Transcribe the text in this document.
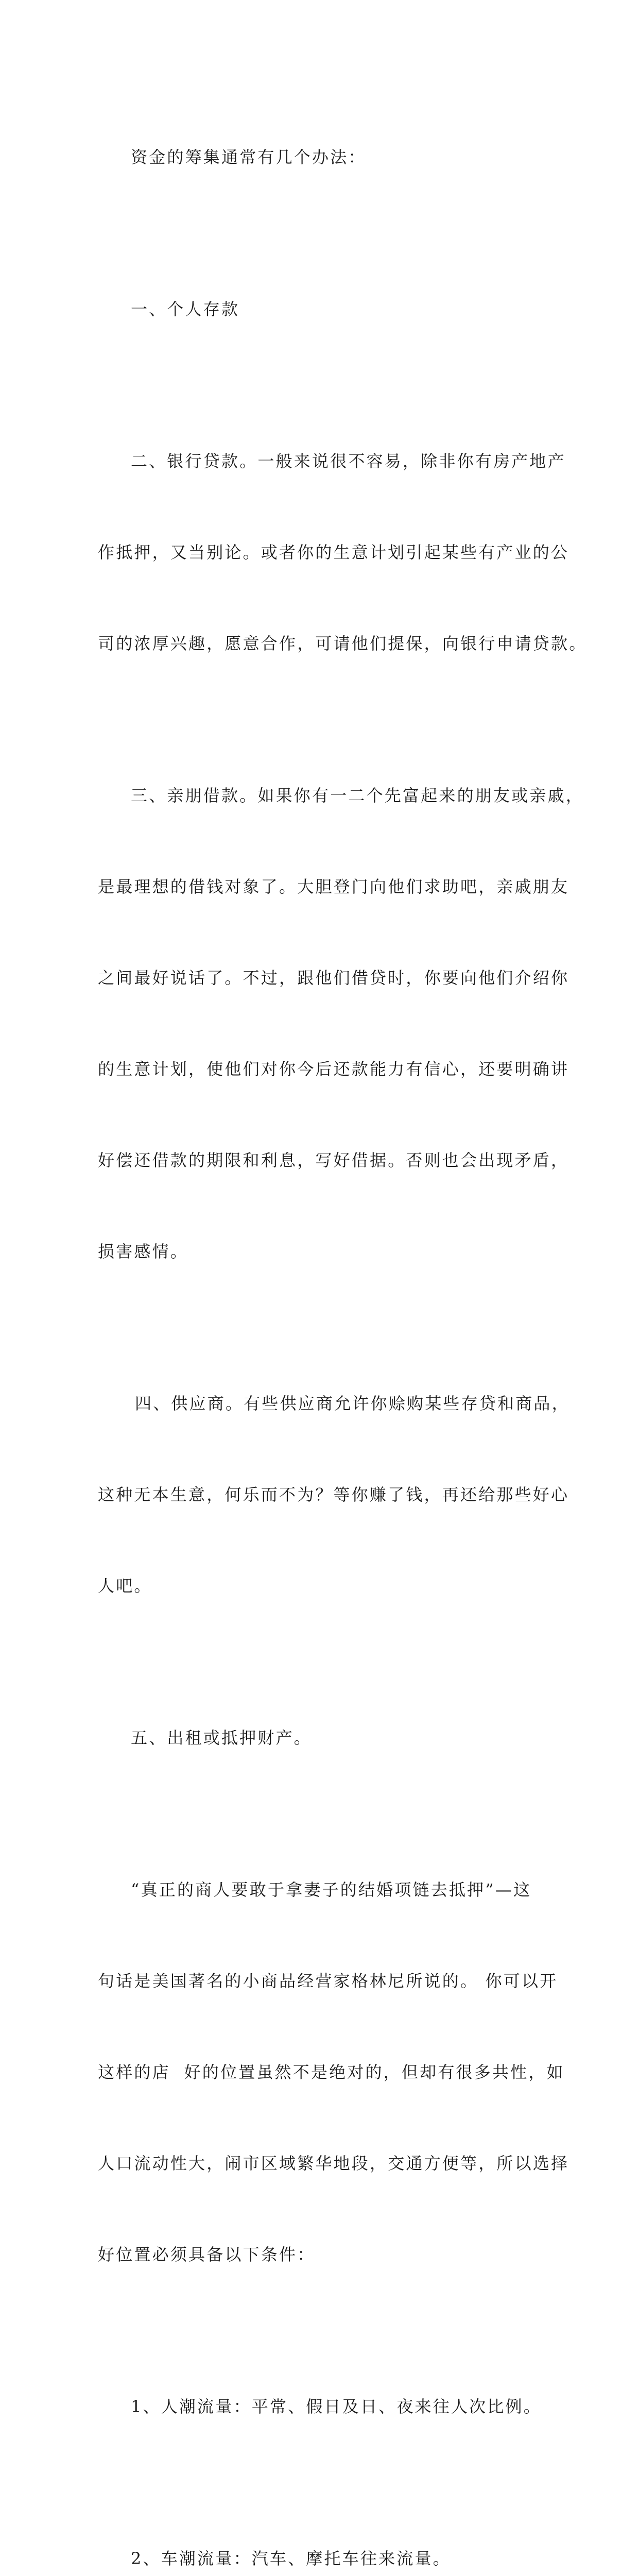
资金的筹集通常有几个办法：

一、个人存款

二、银行贷款。一般来说很不容易，除非你有房产地产

作抵押，又当别论。或者你的生意计划引起某些有产业的公

司的浓厚兴趣，愿意合作，可请他们提保，向银行申请贷款。

三、亲朋借款。如果你有一二个先富起来的朋友或亲戚，

是最理想的借钱对象了。大胆登门向他们求助吧，亲戚朋友

之间最好说话了。不过，跟他们借贷时，你要向他们介绍你

的生意计划，使他们对你今后还款能力有信心，还要明确讲

好偿还借款的期限和利息，写好借据。否则也会出现矛盾，

损害感情。

四、供应商。有些供应商允许你赊购某些存贷和商品，

这种无本生意，何乐而不为？等你赚了钱，再还给那些好心

人吧。

五、出租或抵押财产。

“真正的商人要敢于拿妻子的结婚项链去抵押”—这

句话是美国著名的小商品经营家格林尼所说的。 你可以开

这样的店  好的位置虽然不是绝对的，但却有很多共性，如

人口流动性大，闹市区域繁华地段，交通方便等，所以选择

好位置必须具备以下条件：

1、人潮流量：平常、假日及日、夜来往人次比例。

2、车潮流量：汽车、摩托车往来流量。
